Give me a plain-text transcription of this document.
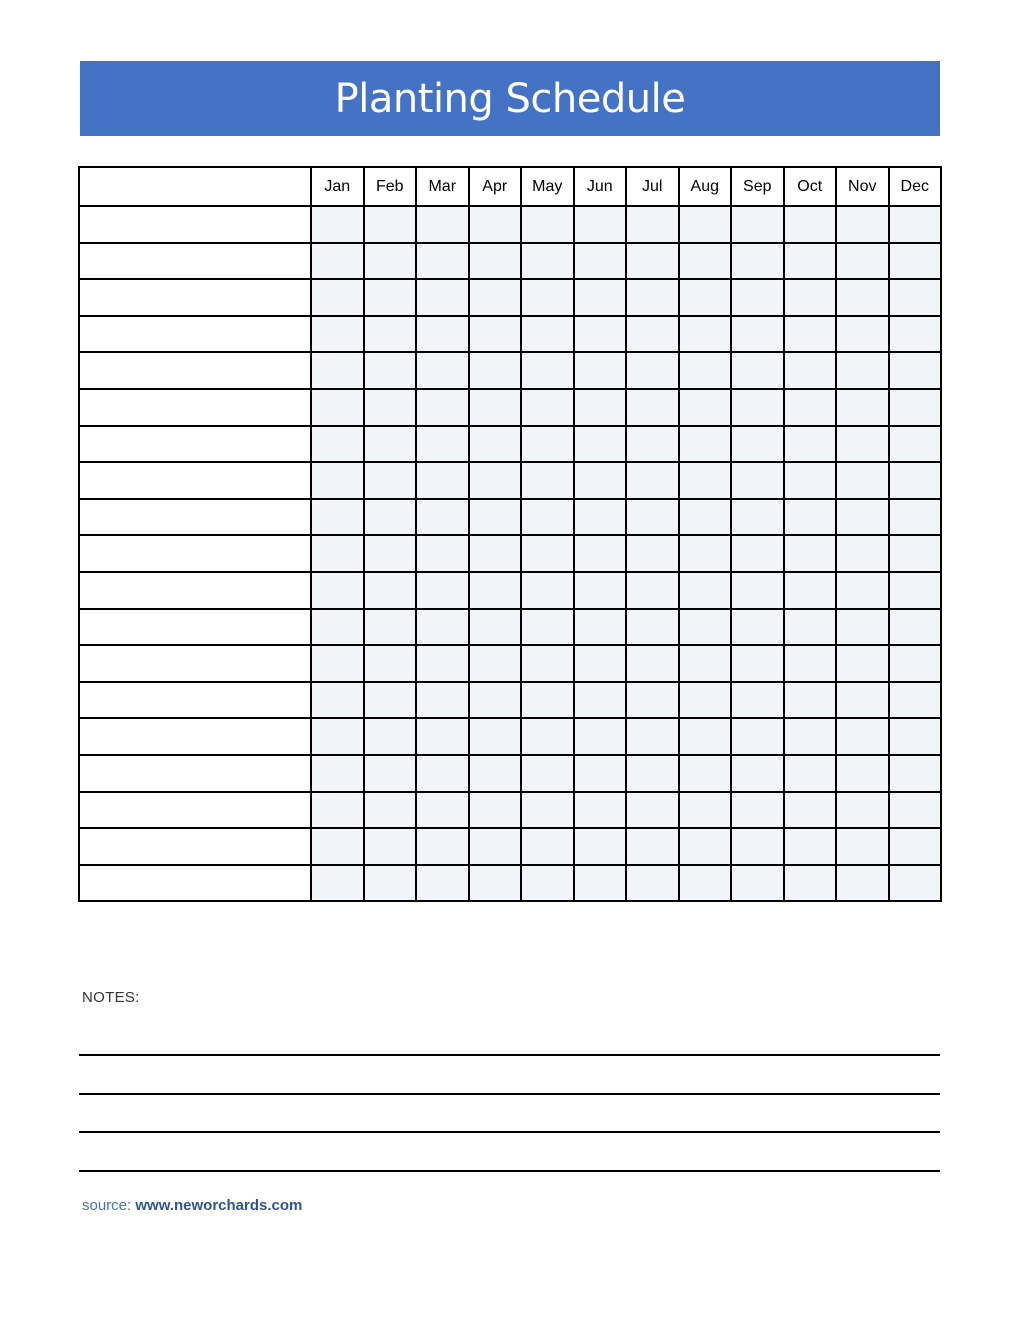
Planting Schedule
	Jan	Feb	Mar	Apr	May	Jun	Jul	Aug	Sep	Oct	Nov	Dec

NOTES:
source: www.neworchards.com
